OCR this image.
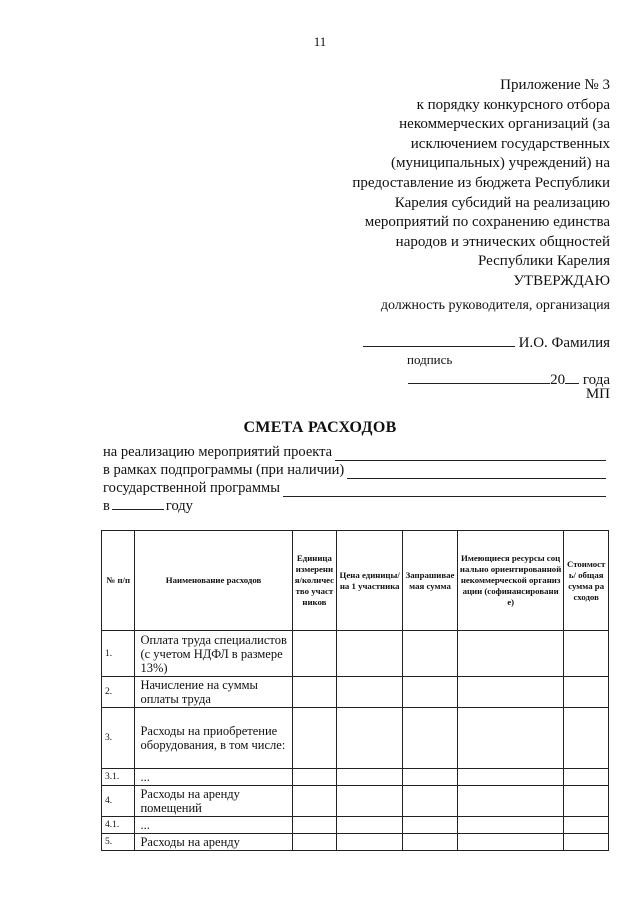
11
Приложение № 3
к порядку конкурсного отбора
некоммерческих организаций (за
исключением государственных
(муниципальных) учреждений) на
предоставление из бюджета Республики
Карелия субсидий на реализацию
мероприятий по сохранению единства
народов и этнических общностей
Республики Карелия
УТВЕРЖДАЮ
должность руководителя, организация
И.О. Фамилия
подпись
20 года
МП
СМЕТА РАСХОДОВ
на реализацию мероприятий проекта
в рамках подпрограммы (при наличии)
государственной программы
в	году
№ п/п	Наименование расходов	Единица измерения/количество участников	Цена единицы/ на 1 участника	Запрашиваемая сумма	Имеющиеся ресурсы социально ориентированной некоммерческой организации (софинансирование)	Стоимость/ общая сумма расходов
1.	Оплата труда специалистов (с учетом НДФЛ в размере 13%)					
2.	Начисление на суммы оплаты труда					
3.	Расходы на приобретение оборудования, в том числе:					
3.1.	...					
4.	Расходы на аренду помещений					
4.1.	...					
5.	Расходы на аренду					
